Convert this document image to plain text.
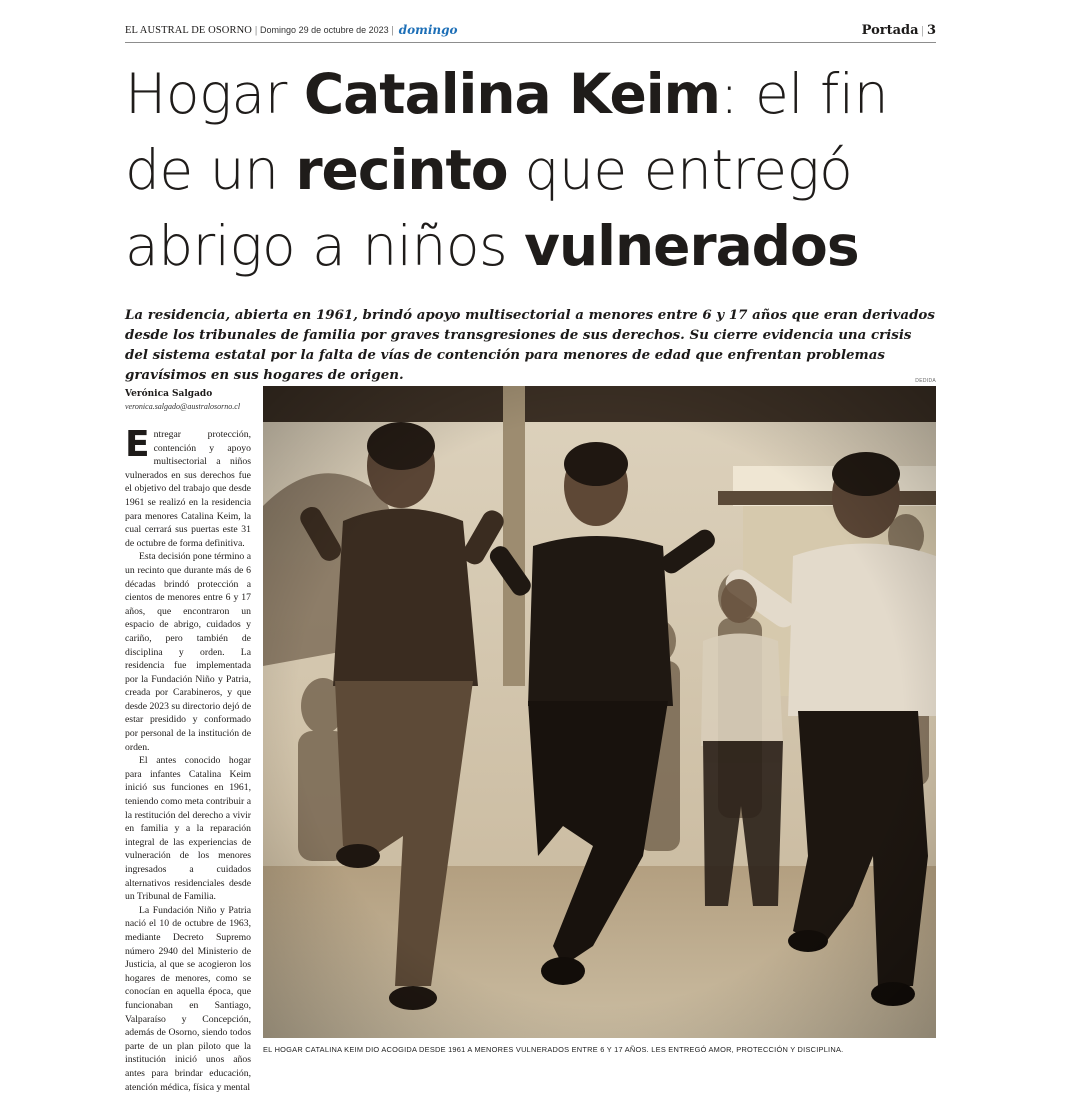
EL AUSTRAL DE OSORNO | Domingo 29 de octubre de 2023 | domingo	Portada | 3
Hogar Catalina Keim: el fin
de un recinto que entregó
abrigo a niños vulnerados

La residencia, abierta en 1961, brindó apoyo multisectorial a menores entre 6 y 17 años que eran derivados desde los tribunales de familia por graves transgresiones de sus derechos. Su cierre evidencia una crisis del sistema estatal por la falta de vías de contención para menores de edad que enfrentan problemas gravísimos en sus hogares de origen.

Verónica Salgado
veronica.salgado@australosorno.cl

Entregar protección, contención y apoyo multisectorial a niños vulnerados en sus derechos fue el objetivo del trabajo que desde 1961 se realizó en la residencia para menores Catalina Keim, la cual cerrará sus puertas este 31 de octubre de forma definitiva.

Esta decisión pone término a un recinto que durante más de 6 décadas brindó protección a cientos de menores entre 6 y 17 años, que encontraron un espacio de abrigo, cuidados y cariño, pero también de disciplina y orden. La residencia fue implementada por la Fundación Niño y Patria, creada por Carabineros, y que desde 2023 su directorio dejó de estar presidido y conformado por personal de la institución de orden.

El antes conocido hogar para infantes Catalina Keim inició sus funciones en 1961, teniendo como meta contribuir a la restitución del derecho a vivir en familia y a la reparación integral de las experiencias de vulneración de los menores ingresados a cuidados alternativos residenciales desde un Tribunal de Familia.

La Fundación Niño y Patria nació el 10 de octubre de 1963, mediante Decreto Supremo número 2940 del Ministerio de Justicia, al que se acogieron los hogares de menores, como se conocían en aquella época, que funcionaban en Santiago, Valparaíso y Concepción, además de Osorno, siendo todos parte de un plan piloto que la institución inició unos años antes para brindar educación, atención médica, física y mental

DEDIDA
EL HOGAR CATALINA KEIM DIO ACOGIDA DESDE 1961 A MENORES VULNERADOS ENTRE 6 Y 17 AÑOS. LES ENTREGÓ AMOR, PROTECCIÓN Y DISCIPLINA.
